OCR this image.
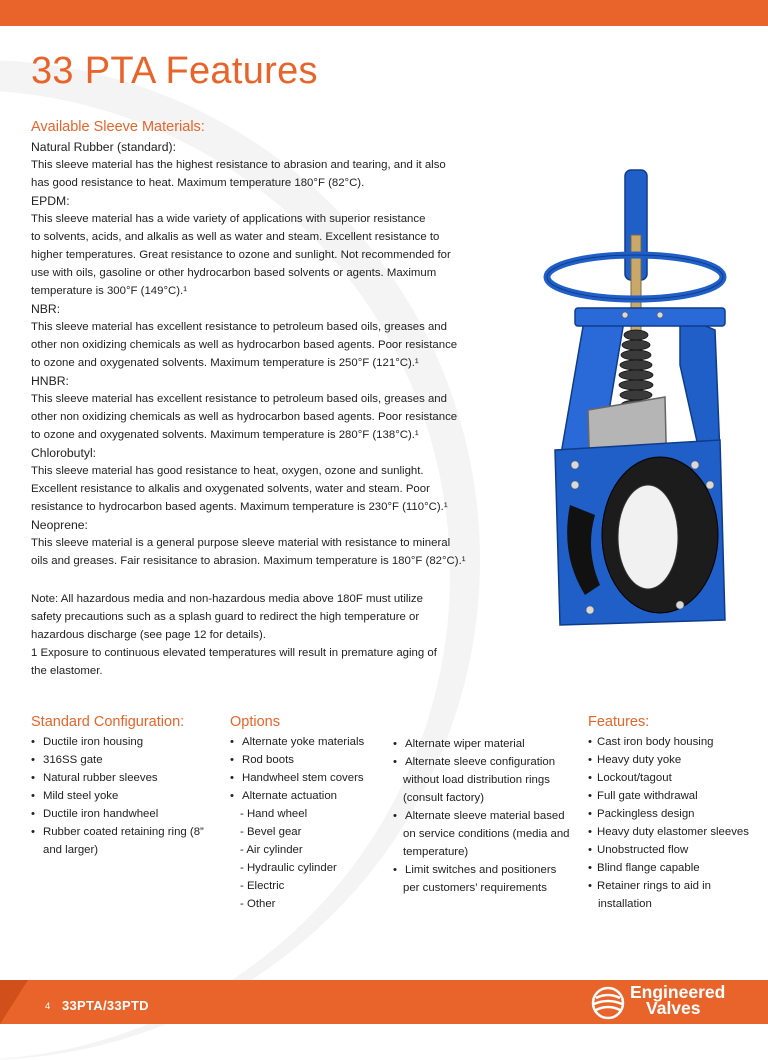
33 PTA Features
Available Sleeve Materials:

Natural Rubber (standard):

This sleeve material has the highest resistance to abrasion and tearing, and it also

has good resistance to heat. Maximum temperature 180°F (82°C).

EPDM:

This sleeve material has a wide variety of applications with superior resistance

to solvents, acids, and alkalis as well as water and steam. Excellent resistance to

higher temperatures. Great resistance to ozone and sunlight. Not recommended for

use with oils, gasoline or other hydrocarbon based solvents or agents. Maximum

temperature is 300°F (149°C).¹

NBR:

This sleeve material has excellent resistance to petroleum based oils, greases and

other non oxidizing chemicals as well as hydrocarbon based agents. Poor resistance

to ozone and oxygenated solvents. Maximum temperature is 250°F (121°C).¹

HNBR:

This sleeve material has excellent resistance to petroleum based oils, greases and

other non oxidizing chemicals as well as hydrocarbon based agents. Poor resistance

to ozone and oxygenated solvents. Maximum temperature is 280°F (138°C).¹

Chlorobutyl:

This sleeve material has good resistance to heat, oxygen, ozone and sunlight.

Excellent resistance to alkalis and oxygenated solvents, water and steam. Poor

resistance to hydrocarbon based agents. Maximum temperature is 230°F (110°C).¹

Neoprene:

This sleeve material is a general purpose sleeve material with resistance to mineral

oils and greases. Fair resisitance to abrasion. Maximum temperature is 180°F (82°C).¹

Note: All hazardous media and non-hazardous media above 180F must utilize

safety precautions such as a splash guard to redirect the high temperature or

hazardous discharge (see page 12 for details).

1 Exposure to continuous elevated temperatures will result in premature aging of

the elastomer.

Standard Configuration:
• Ductile iron housing
• 316SS gate
• Natural rubber sleeves
• Mild steel yoke
• Ductile iron handwheel
• Rubber coated retaining ring (8”
and larger)
Options
• Alternate yoke materials
• Rod boots
• Handwheel stem covers
• Alternate actuation
- Hand wheel
- Bevel gear
- Air cylinder
- Hydraulic cylinder
- Electric
- Other
• Alternate wiper material
• Alternate sleeve configuration
without load distribution rings
(consult factory)
• Alternate sleeve material based
on service conditions (media and
temperature)
• Limit switches and positioners
per customers’ requirements
Features:
• Cast iron body housing
• Heavy duty yoke
• Lockout/tagout
• Full gate withdrawal
• Packingless design
• Heavy duty elastomer sleeves
• Unobstructed flow
• Blind flange capable
• Retainer rings to aid in
installation
4 33PTA/33PTD
Engineered
Valves
